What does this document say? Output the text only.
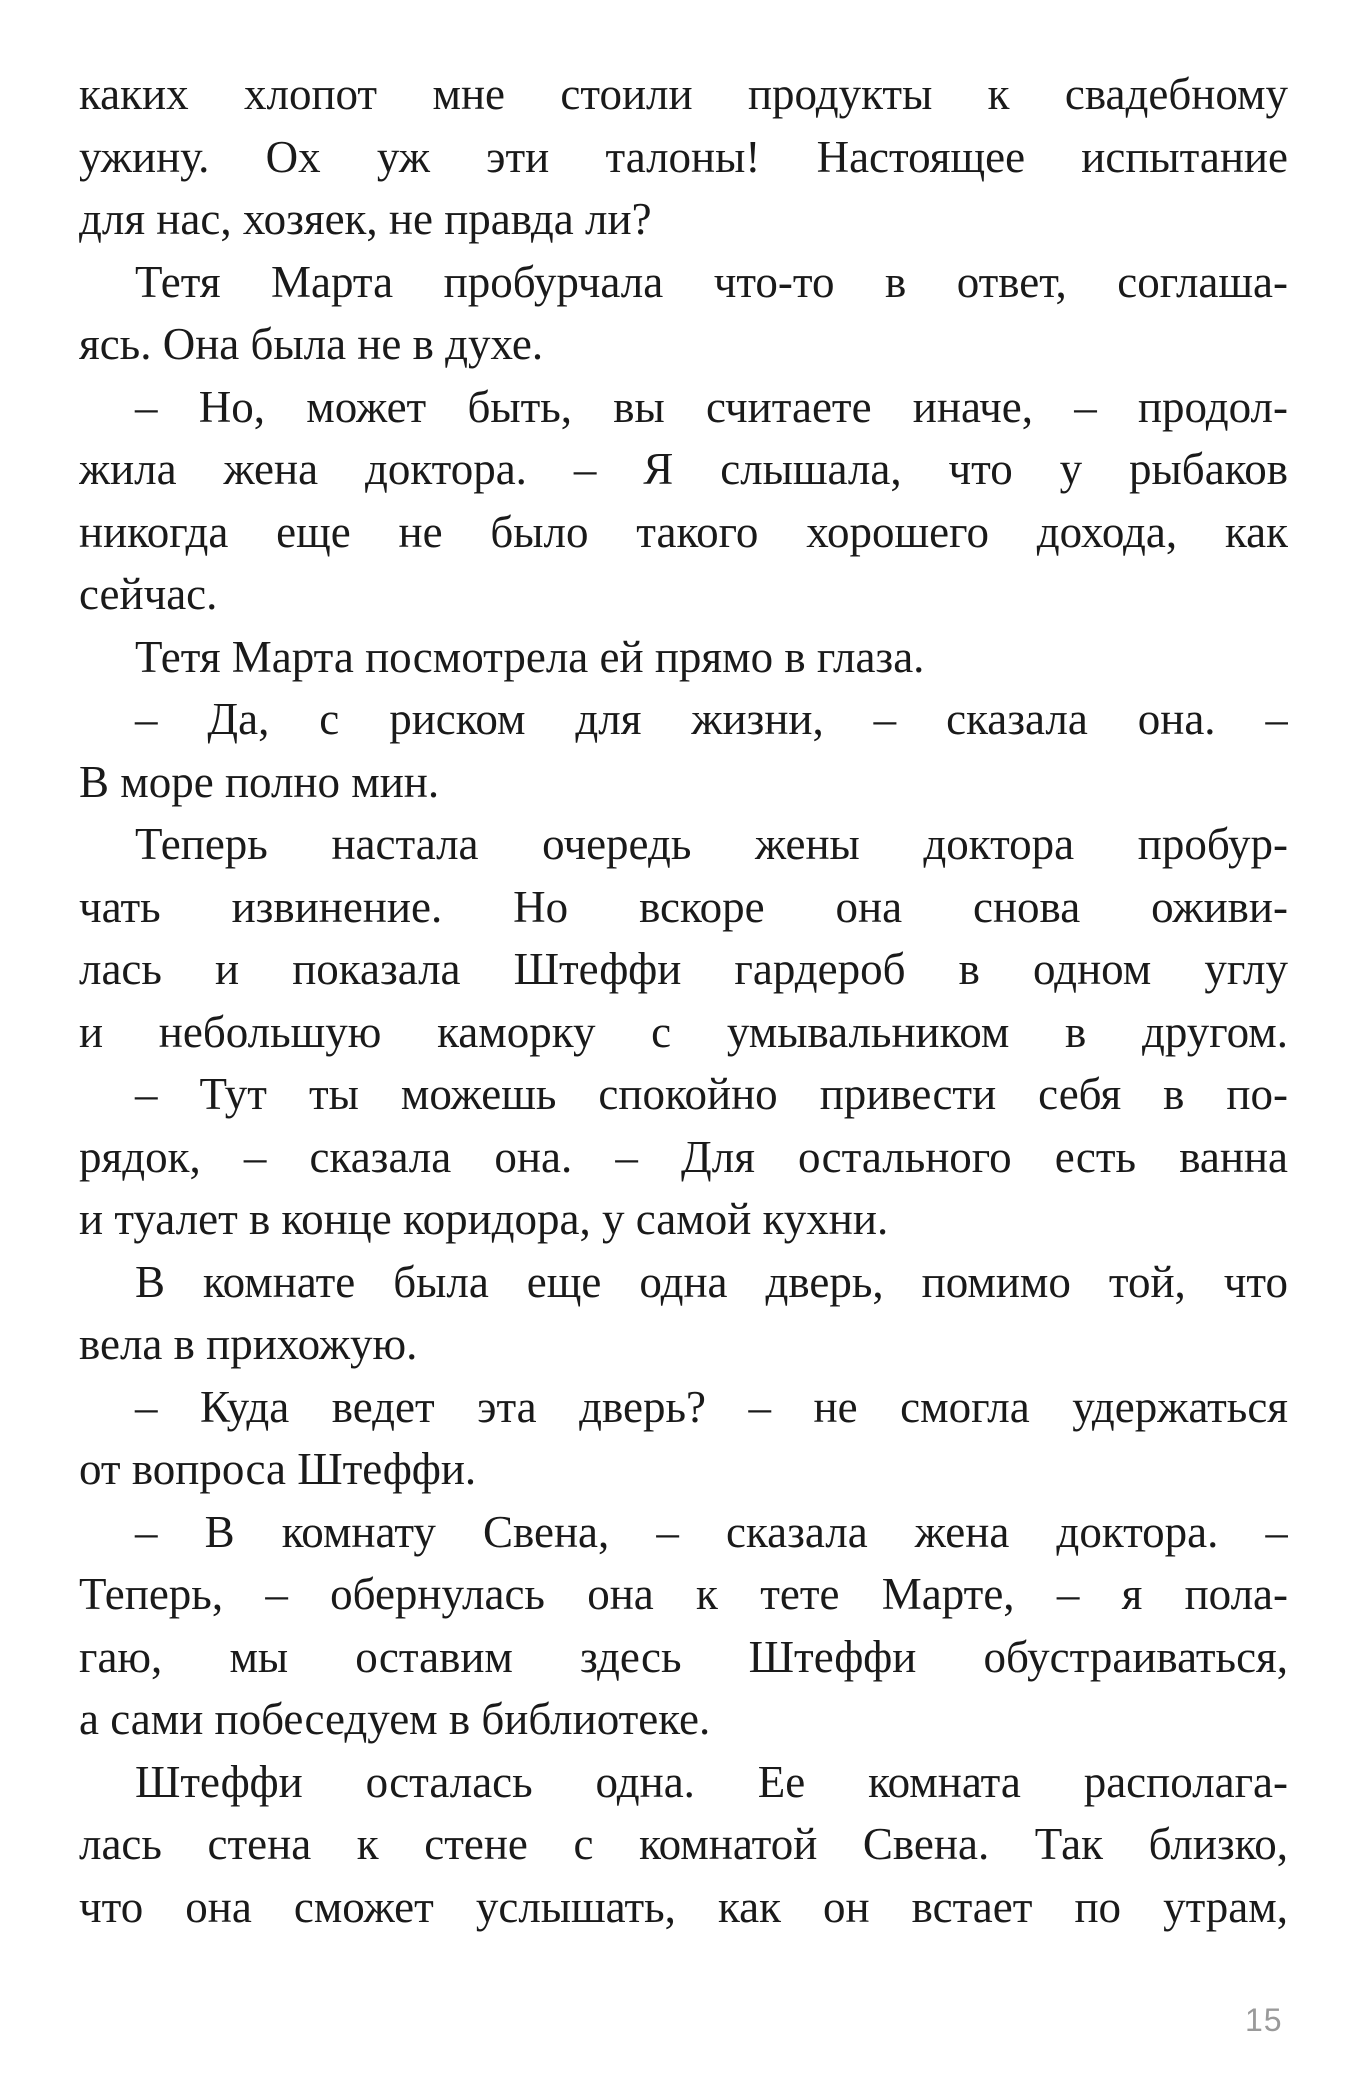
каких хлопот мне стоили продукты к свадебному
ужину. Ох уж эти талоны! Настоящее испытание
для нас, хозяек, не правда ли?
Тетя Марта пробурчала что-то в ответ, соглаша-
ясь. Она была не в духе.
– Но, может быть, вы считаете иначе, – продол-
жила жена доктора. – Я слышала, что у рыбаков
никогда еще не было такого хорошего дохода, как
сейчас.
Тетя Марта посмотрела ей прямо в глаза.
– Да, с риском для жизни, – сказала она. –
В море полно мин.
Теперь настала очередь жены доктора пробур-
чать извинение. Но вскоре она снова оживи-
лась и показала Штеффи гардероб в одном углу
и небольшую каморку с умывальником в другом.
– Тут ты можешь спокойно привести себя в по-
рядок, – сказала она. – Для остального есть ванна
и туалет в конце коридора, у самой кухни.
В комнате была еще одна дверь, помимо той, что
вела в прихожую.
– Куда ведет эта дверь? – не смогла удержаться
от вопроса Штеффи.
– В комнату Свена, – сказала жена доктора. –
Теперь, – обернулась она к тете Марте, – я пола-
гаю, мы оставим здесь Штеффи обустраиваться,
а сами побеседуем в библиотеке.
Штеффи осталась одна. Ее комната располага-
лась стена к стене с комнатой Свена. Так близко,
что она сможет услышать, как он встает по утрам,
15
